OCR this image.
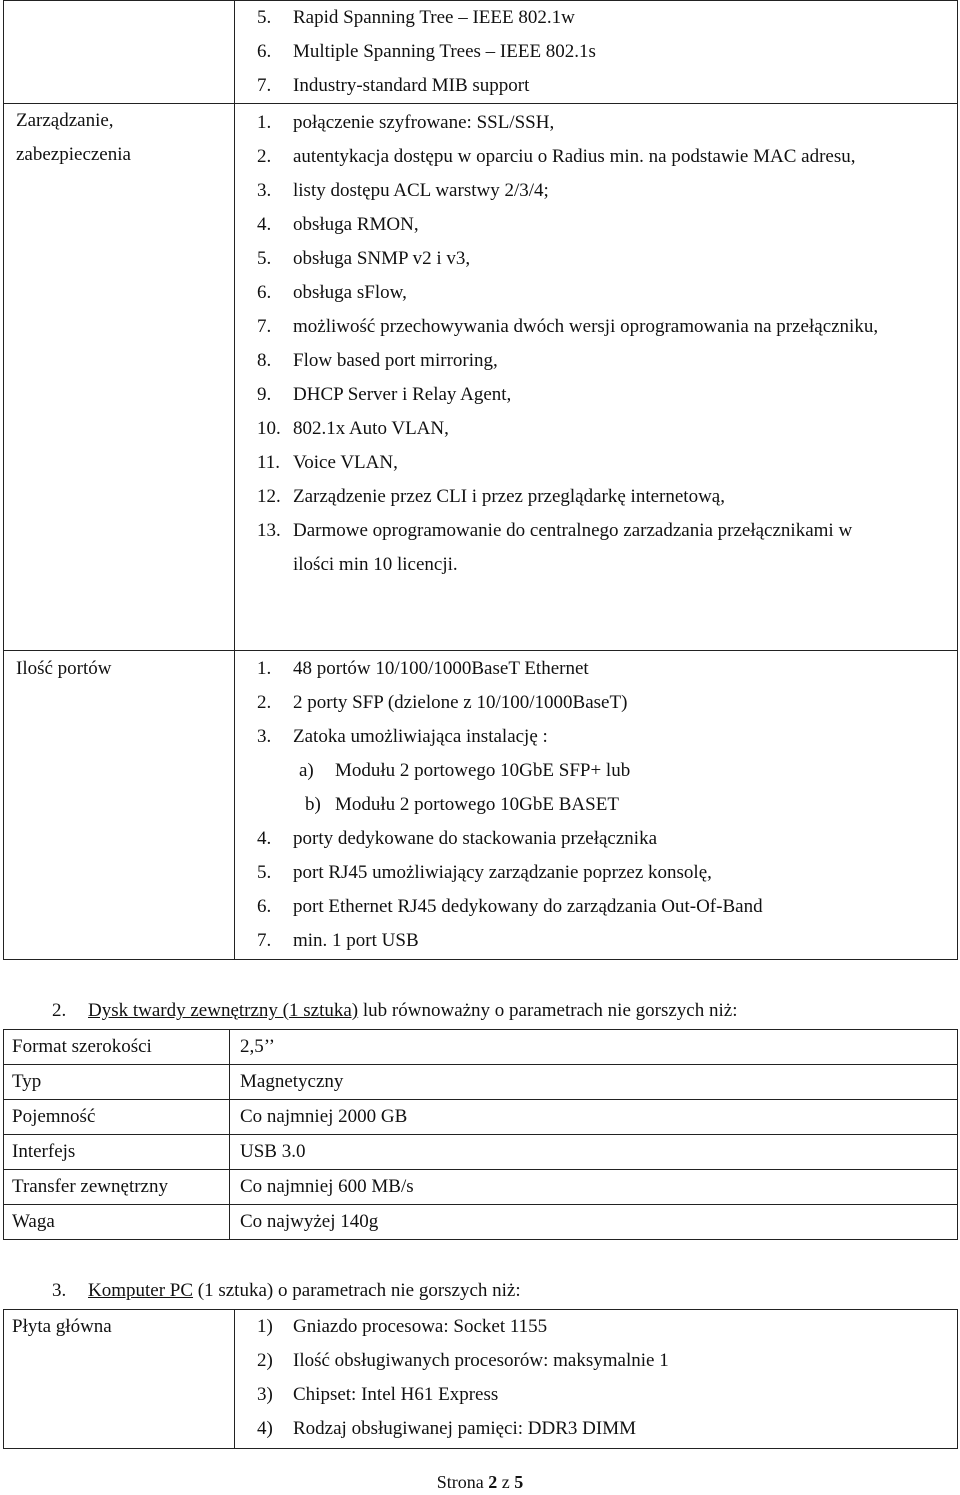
5. Rapid Spanning Tree – IEEE 802.1w
6. Multiple Spanning Trees – IEEE 802.1s
7. Industry-standard MIB support
Zarządzanie,
zabezpieczenia
1. połączenie szyfrowane: SSL/SSH,
2. autentykacja dostępu w oparciu o Radius min. na podstawie MAC adresu,
3. listy dostępu ACL warstwy 2/3/4;
4. obsługa RMON,
5. obsługa SNMP v2 i v3,
6. obsługa sFlow,
7. możliwość przechowywania dwóch wersji oprogramowania na przełączniku,
8. Flow based port mirroring,
9. DHCP Server i Relay Agent,
10. 802.1x Auto VLAN,
11. Voice VLAN,
12. Zarządzenie przez CLI i przez przeglądarkę internetową,
13. Darmowe oprogramowanie do centralnego zarzadzania przełącznikami w ilości min 10 licencji.
Ilość portów	1. 48 portów 10/100/1000BaseT Ethernet
2. 2 porty SFP (dzielone z 10/100/1000BaseT)
3. Zatoka umożliwiająca instalację :
a) Modułu 2 portowego 10GbE SFP+ lub
b) Modułu 2 portowego 10GbE BASET
4. porty dedykowane do stackowania przełącznika
5. port RJ45 umożliwiający zarządzanie poprzez konsolę,
6. port Ethernet RJ45 dedykowany do zarządzania Out-Of-Band
7. min. 1 port USB
2. Dysk twardy zewnętrzny (1 sztuka) lub równoważny o parametrach nie gorszych niż:
Format szerokości	2,5’’
Typ	Magnetyczny
Pojemność	Co najmniej 2000 GB
Interfejs	USB 3.0
Transfer zewnętrzny	Co najmniej 600 MB/s
Waga	Co najwyżej 140g
3. Komputer PC (1 sztuka) o parametrach nie gorszych niż:
Płyta główna	1) Gniazdo procesowa: Socket 1155
2) Ilość obsługiwanych procesorów: maksymalnie 1
3) Chipset: Intel H61 Express
4) Rodzaj obsługiwanej pamięci: DDR3 DIMM
Strona 2 z 5
